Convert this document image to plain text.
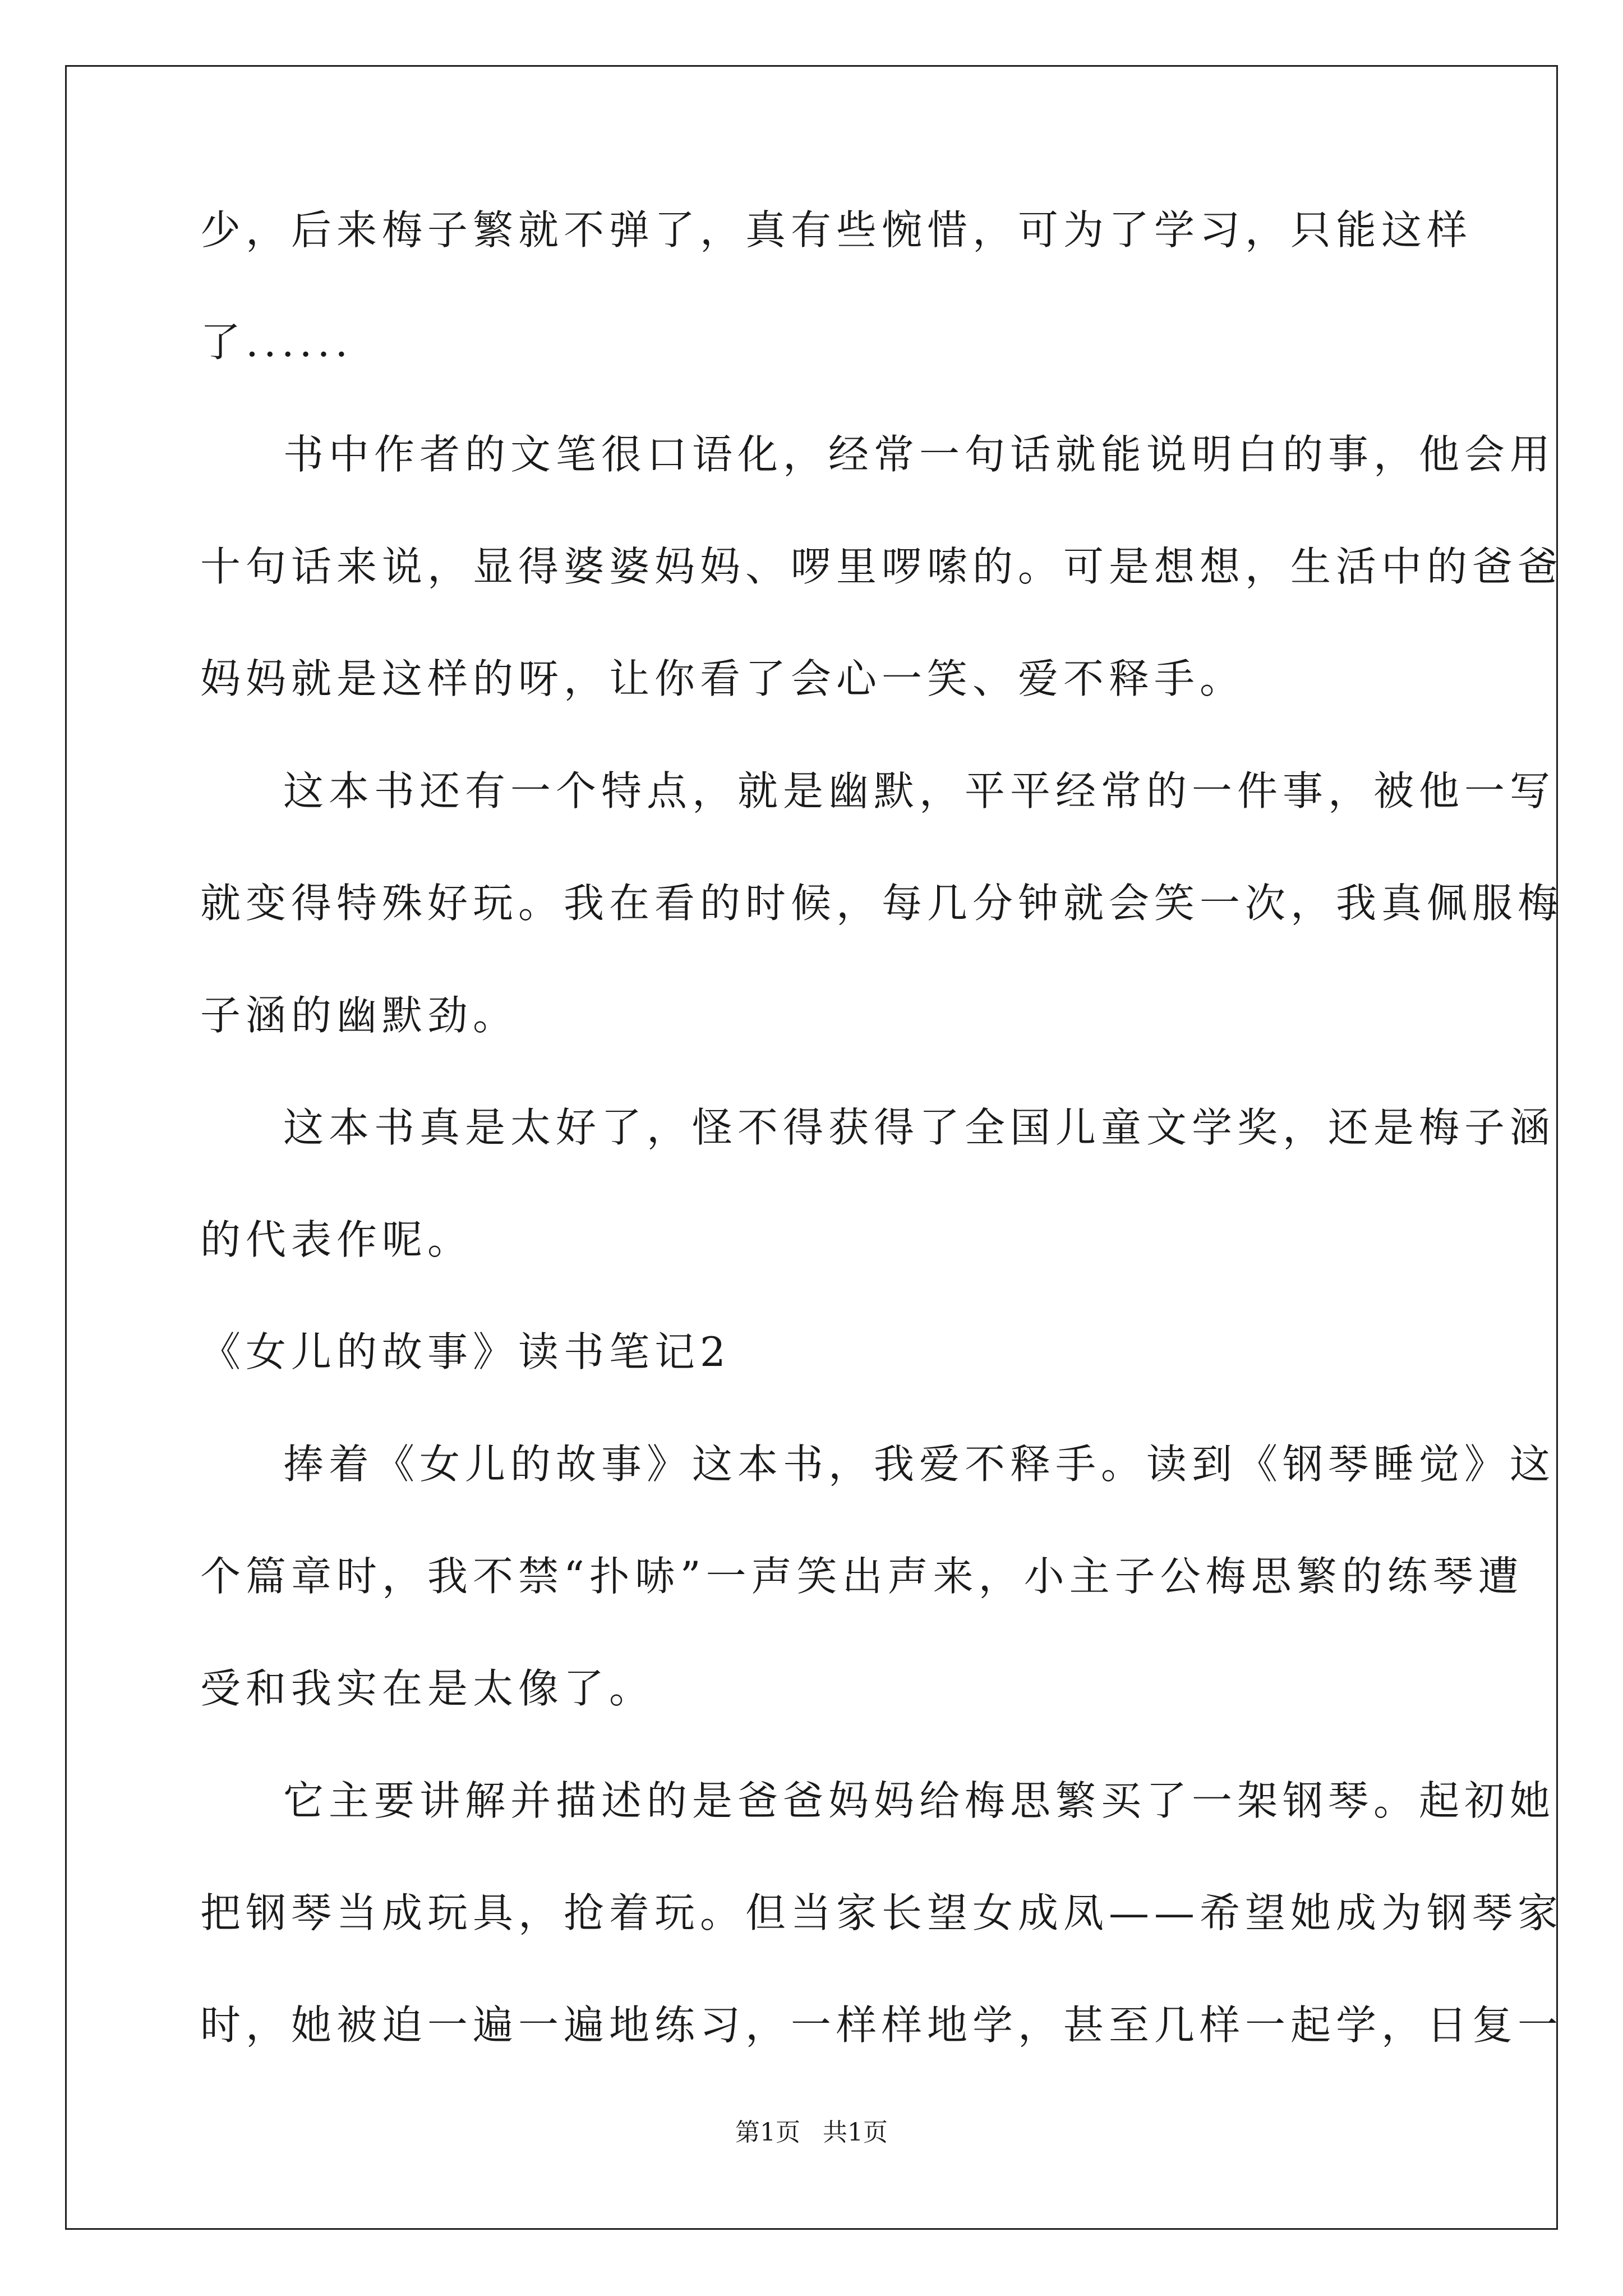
少，后来梅子繁就不弹了，真有些惋惜，可为了学习，只能这样

了......

书中作者的文笔很口语化，经常一句话就能说明白的事，他会用

十句话来说，显得婆婆妈妈、啰里啰嗦的。可是想想，生活中的爸爸

妈妈就是这样的呀，让你看了会心一笑、爱不释手。

这本书还有一个特点，就是幽默，平平经常的一件事，被他一写

就变得特殊好玩。我在看的时候，每几分钟就会笑一次，我真佩服梅

子涵的幽默劲。

这本书真是太好了，怪不得获得了全国儿童文学奖，还是梅子涵

的代表作呢。

《女儿的故事》读书笔记2

捧着《女儿的故事》这本书，我爱不释手。读到《钢琴睡觉》这

个篇章时，我不禁“扑哧”一声笑出声来，小主子公梅思繁的练琴遭

受和我实在是太像了。

它主要讲解并描述的是爸爸妈妈给梅思繁买了一架钢琴。起初她

把钢琴当成玩具，抢着玩。但当家长望女成凤——希望她成为钢琴家

时，她被迫一遍一遍地练习，一样样地学，甚至几样一起学，日复一

第1页 共1页
